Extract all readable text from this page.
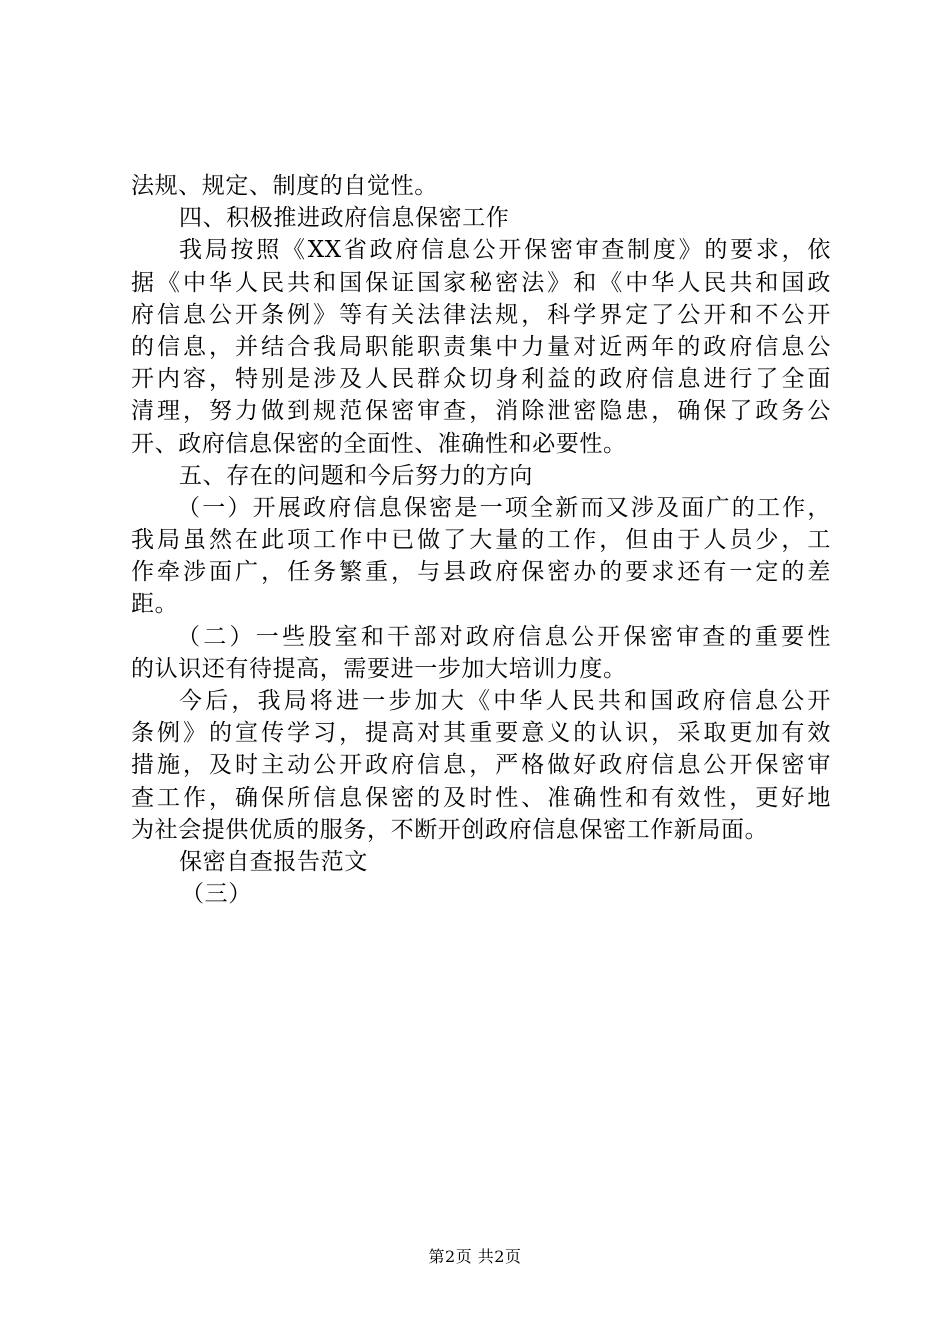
法规、规定、制度的自觉性。
四、积极推进政府信息保密工作
我局按照《XX省政府信息公开保密审查制度》的要求，依
据《中华人民共和国保证国家秘密法》和《中华人民共和国政
府信息公开条例》等有关法律法规，科学界定了公开和不公开
的信息，并结合我局职能职责集中力量对近两年的政府信息公
开内容，特别是涉及人民群众切身利益的政府信息进行了全面
清理，努力做到规范保密审查，消除泄密隐患，确保了政务公
开、政府信息保密的全面性、准确性和必要性。
五、存在的问题和今后努力的方向
（一）开展政府信息保密是一项全新而又涉及面广的工作，
我局虽然在此项工作中已做了大量的工作，但由于人员少，工
作牵涉面广，任务繁重，与县政府保密办的要求还有一定的差
距。
（二）一些股室和干部对政府信息公开保密审查的重要性
的认识还有待提高，需要进一步加大培训力度。
今后，我局将进一步加大《中华人民共和国政府信息公开
条例》的宣传学习，提高对其重要意义的认识，采取更加有效
措施，及时主动公开政府信息，严格做好政府信息公开保密审
查工作，确保所信息保密的及时性、准确性和有效性，更好地
为社会提供优质的服务，不断开创政府信息保密工作新局面。
保密自查报告范文
（三）
第2页 共2页
